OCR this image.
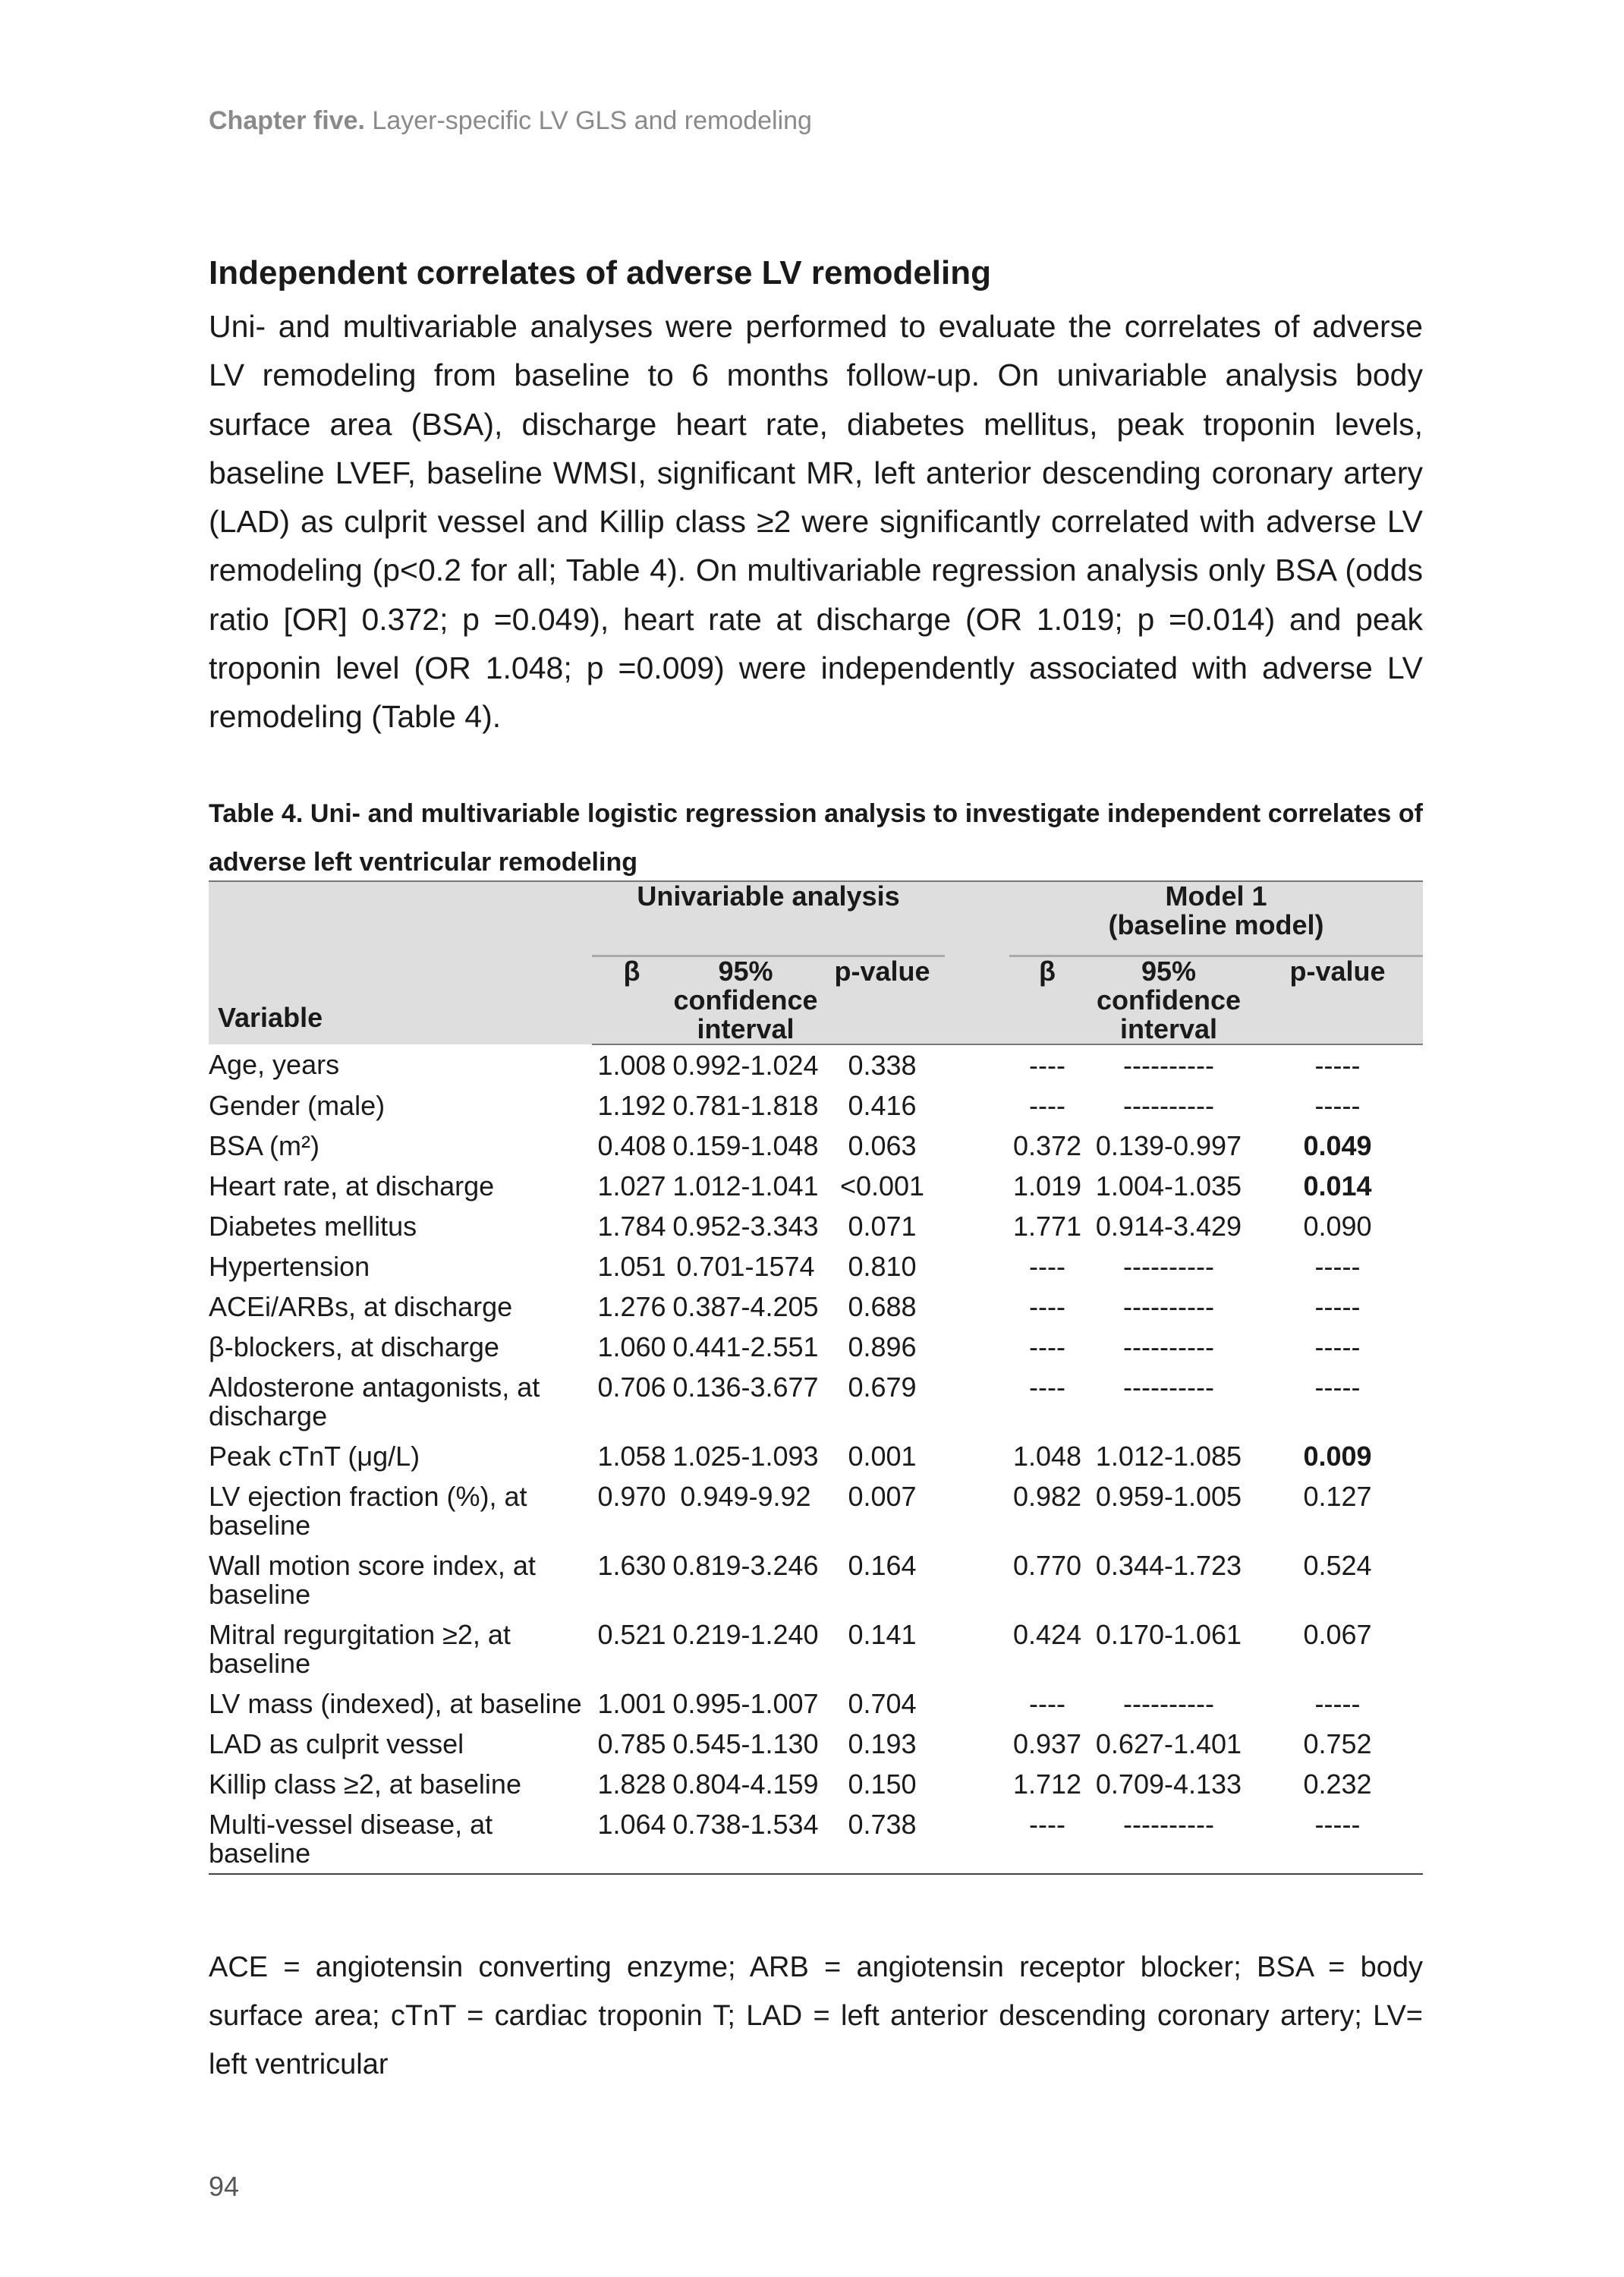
Chapter five. Layer-specific LV GLS and remodeling
Independent correlates of adverse LV remodeling

Uni- and multivariable analyses were performed to evaluate the correlates of adverse LV remodeling from baseline to 6 months follow-up. On univariable analysis body surface area (BSA), discharge heart rate, diabetes mellitus, peak troponin levels, baseline LVEF, baseline WMSI, significant MR, left anterior descending coronary artery (LAD) as culprit vessel and Killip class ≥2 were significantly correlated with adverse LV remodeling (p<0.2 for all; Table 4). On multivariable regression analysis only BSA (odds ratio [OR] 0.372; p =0.049), heart rate at discharge (OR 1.019; p =0.014) and peak troponin level (OR 1.048; p =0.009) were independently associated with adverse LV remodeling (Table 4).

Table 4. Uni- and multivariable logistic regression analysis to investigate independent correlates of adverse left ventricular remodeling
Variable	Univariable analysis				Model 1
(baseline model)		
	β	95%
confidence
interval	p-value		β	95%
confidence
interval	p-value
Age, years	1.008	0.992-1.024	0.338		----	----------	-----
Gender (male)	1.192	0.781-1.818	0.416		----	----------	-----
BSA (m²)	0.408	0.159-1.048	0.063		0.372	0.139-0.997	0.049
Heart rate, at discharge	1.027	1.012-1.041	<0.001		1.019	1.004-1.035	0.014
Diabetes mellitus	1.784	0.952-3.343	0.071		1.771	0.914-3.429	0.090
Hypertension	1.051	0.701-1574	0.810		----	----------	-----
ACEi/ARBs, at discharge	1.276	0.387-4.205	0.688		----	----------	-----
β-blockers, at discharge	1.060	0.441-2.551	0.896		----	----------	-----
Aldosterone antagonists, at discharge	0.706	0.136-3.677	0.679		----	----------	-----
Peak cTnT (μg/L)	1.058	1.025-1.093	0.001		1.048	1.012-1.085	0.009
LV ejection fraction (%), at baseline	0.970	0.949-9.92	0.007		0.982	0.959-1.005	0.127
Wall motion score index, at baseline	1.630	0.819-3.246	0.164		0.770	0.344-1.723	0.524
Mitral regurgitation ≥2, at baseline	0.521	0.219-1.240	0.141		0.424	0.170-1.061	0.067
LV mass (indexed), at baseline	1.001	0.995-1.007	0.704		----	----------	-----
LAD as culprit vessel	0.785	0.545-1.130	0.193		0.937	0.627-1.401	0.752
Killip class ≥2, at baseline	1.828	0.804-4.159	0.150		1.712	0.709-4.133	0.232
Multi-vessel disease, at baseline	1.064	0.738-1.534	0.738		----	----------	-----
ACE = angiotensin converting enzyme; ARB = angiotensin receptor blocker; BSA = body surface area; cTnT = cardiac troponin T; LAD = left anterior descending coronary artery; LV= left ventricular
94
